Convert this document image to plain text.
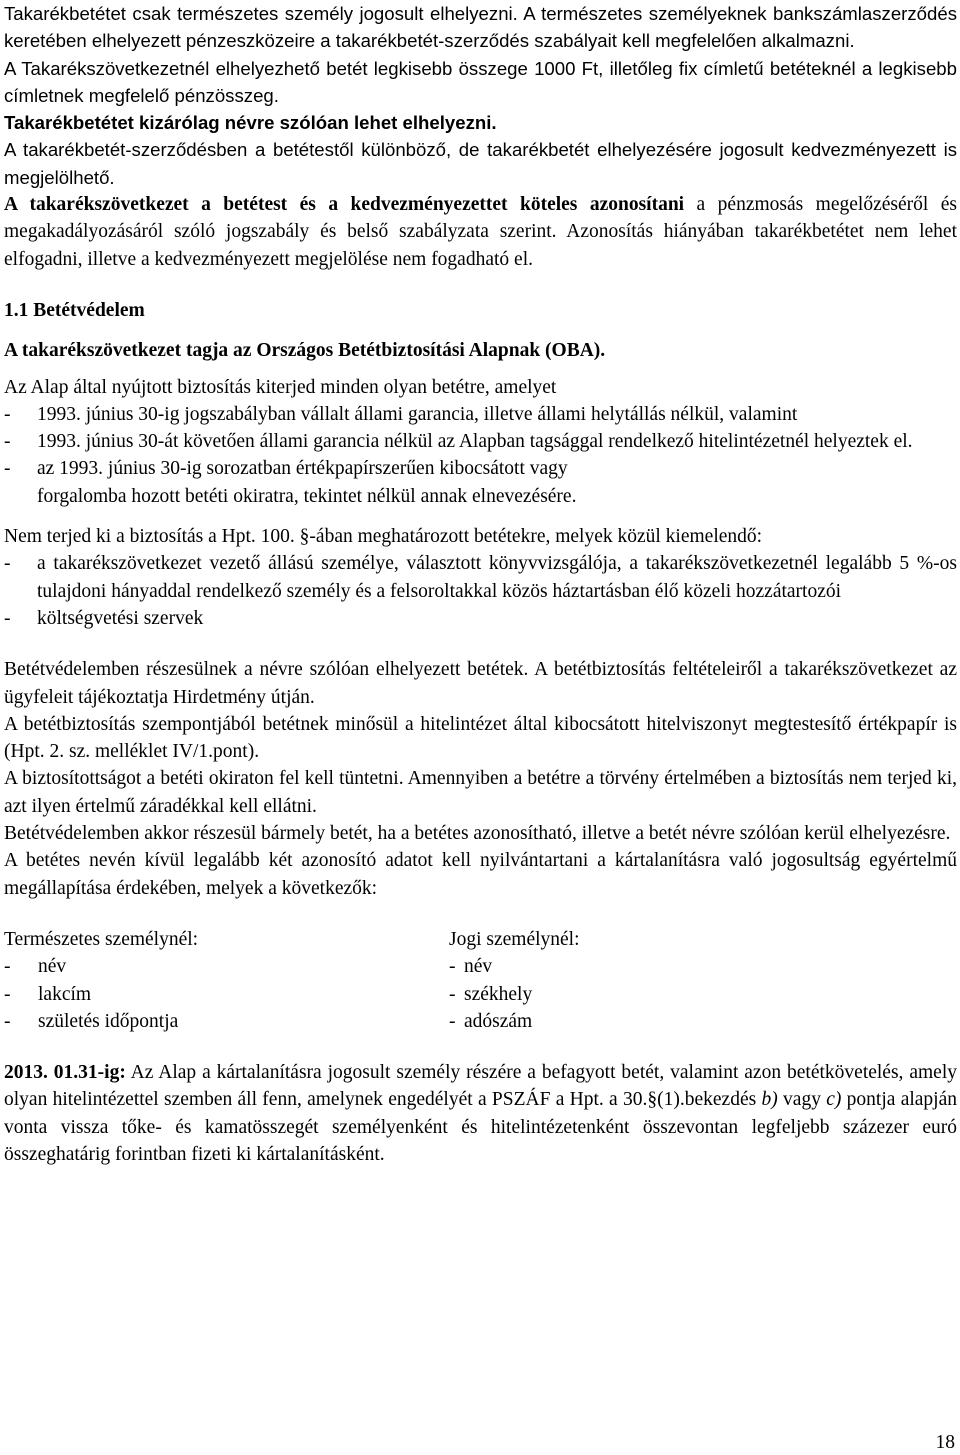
Takarékbetétet csak természetes személy jogosult elhelyezni. A természetes személyeknek bankszámlaszerződés keretében elhelyezett pénzeszközeire a takarékbetét-szerződés szabályait kell megfelelően alkalmazni.

A Takarékszövetkezetnél elhelyezhető betét legkisebb összege 1000 Ft, illetőleg fix címletű betéteknél a legkisebb címletnek megfelelő pénzösszeg.

Takarékbetétet kizárólag névre szólóan lehet elhelyezni.

A takarékbetét-szerződésben a betétestől különböző, de takarékbetét elhelyezésére jogosult kedvezményezett is megjelölhető.

A takarékszövetkezet a betétest és a kedvezményezettet köteles azonosítani a pénzmosás megelőzéséről és megakadályozásáról szóló jogszabály és belső szabályzata szerint. Azonosítás hiányában takarékbetétet nem lehet elfogadni, illetve a kedvezményezett megjelölése nem fogadható el.

1.1 Betétvédelem

A takarékszövetkezet tagja az Országos Betétbiztosítási Alapnak (OBA).

Az Alap által nyújtott biztosítás kiterjed minden olyan betétre, amelyet

-	1993. június 30-ig jogszabályban vállalt állami garancia, illetve állami helytállás nélkül, valamint
-	1993. június 30-át követően állami garancia nélkül az Alapban tagsággal rendelkező hitelintézetnél helyeztek el.
-	az 1993. június 30-ig sorozatban értékpapírszerűen kibocsátott vagy forgalomba hozott betéti okiratra, tekintet nélkül annak elnevezésére.

Nem terjed ki a biztosítás a Hpt. 100. §-ában meghatározott betétekre, melyek közül kiemelendő:

-	a takarékszövetkezet vezető állású személye, választott könyvvizsgálója, a takarékszövetkezetnél legalább 5 %-os tulajdoni hányaddal rendelkező személy és a felsoroltakkal közös háztartásban élő közeli hozzátartozói
-	költségvetési szervek

Betétvédelemben részesülnek a névre szólóan elhelyezett betétek. A betétbiztosítás feltételeiről a takarékszövetkezet az ügyfeleit tájékoztatja Hirdetmény útján.

A betétbiztosítás szempontjából betétnek minősül a hitelintézet által kibocsátott hitelviszonyt megtestesítő értékpapír is (Hpt. 2. sz. melléklet IV/1.pont).

A biztosítottságot a betéti okiraton fel kell tüntetni. Amennyiben a betétre a törvény értelmében a biztosítás nem terjed ki, azt ilyen értelmű záradékkal kell ellátni.

Betétvédelemben akkor részesül bármely betét, ha a betétes azonosítható, illetve a betét névre szólóan kerül elhelyezésre.

A betétes nevén kívül legalább két azonosító adatot kell nyilvántartani a kártalanításra való jogosultság egyértelmű megállapítása érdekében, melyek a következők:

Természetes személynél:

-	név
-	lakcím
-	születés időpontja

Jogi személynél:

- név
- székhely
- adószám

2013. 01.31-ig: Az Alap a kártalanításra jogosult személy részére a befagyott betét, valamint azon betétkövetelés, amely olyan hitelintézettel szemben áll fenn, amelynek engedélyét a PSZÁF a Hpt. a 30.§(1).bekezdés b) vagy c) pontja alapján vonta vissza tőke- és kamatösszegét személyenként és hitelintézetenként összevontan legfeljebb százezer euró összeghatárig forintban fizeti ki kártalanításként.

18
